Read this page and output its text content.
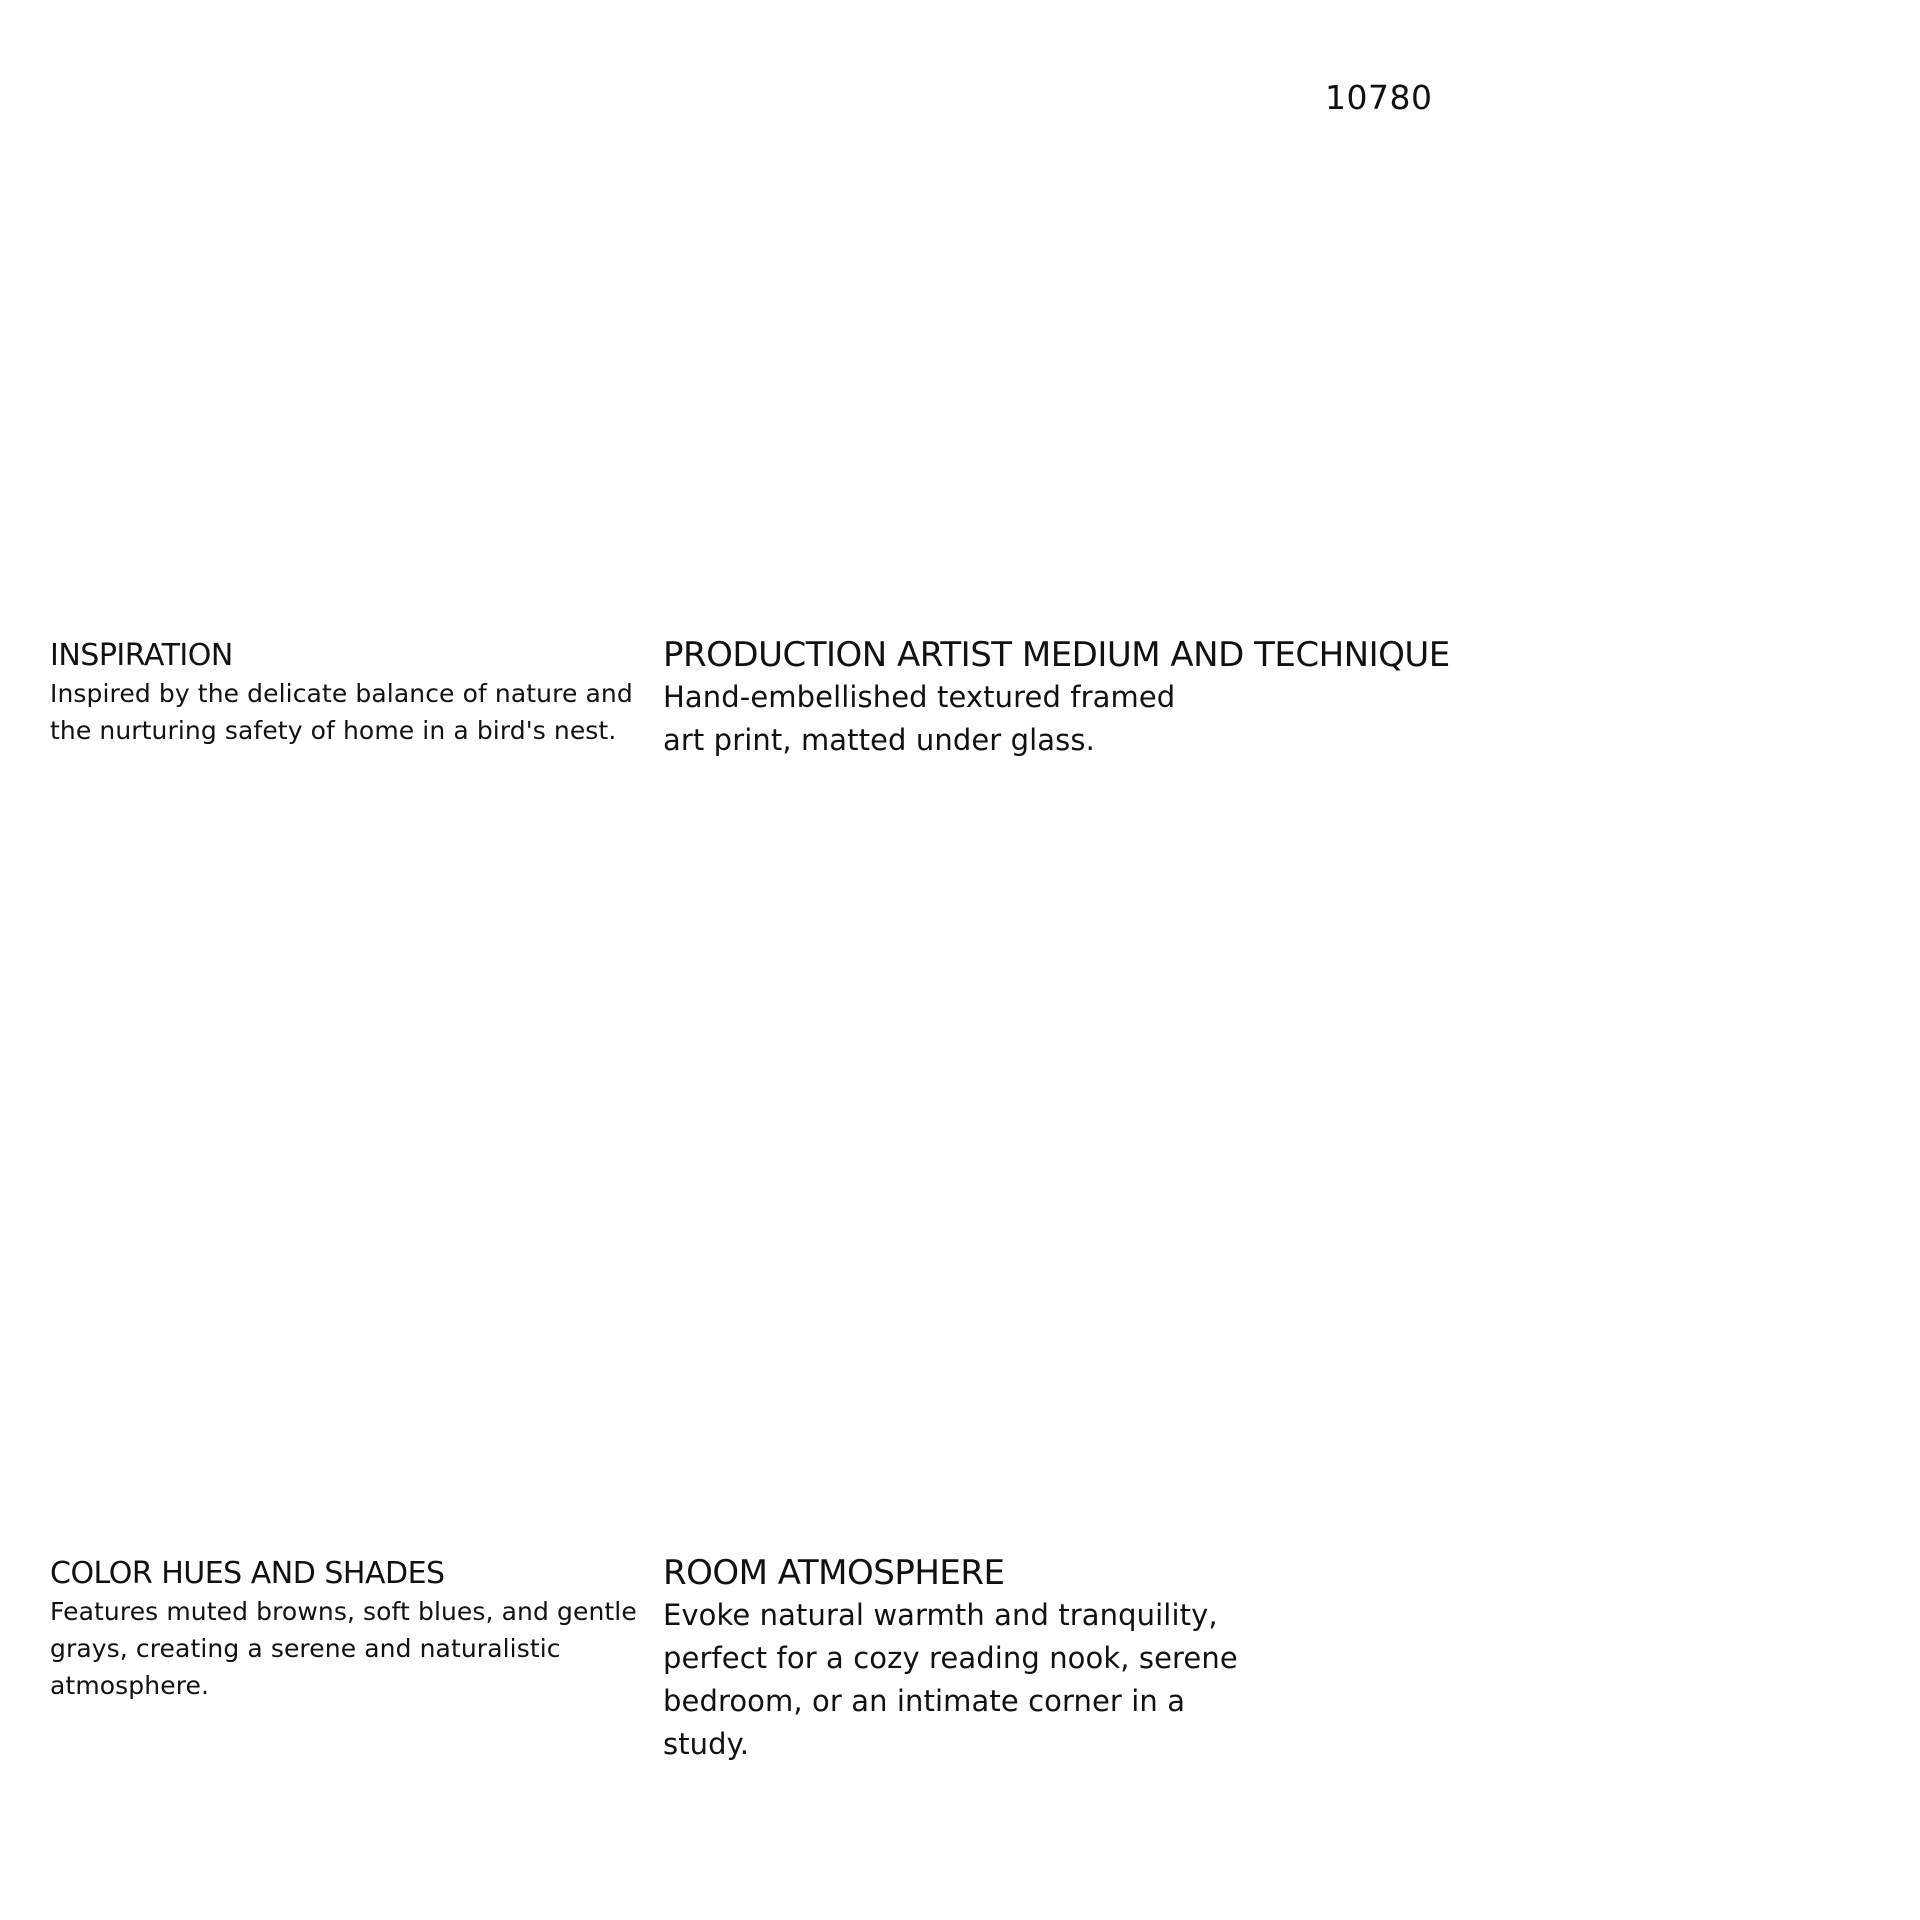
10780
INSPIRATION

Inspired by the delicate balance of nature and the nurturing safety of home in a bird's nest.

PRODUCTION ARTIST MEDIUM AND TECHNIQUE

Hand-embellished textured framed art print, matted under glass.

COLOR HUES AND SHADES

Features muted browns, soft blues, and gentle grays, creating a serene and naturalistic atmosphere.

ROOM ATMOSPHERE

Evoke natural warmth and tranquility, perfect for a cozy reading nook, serene bedroom, or an intimate corner in a study.
